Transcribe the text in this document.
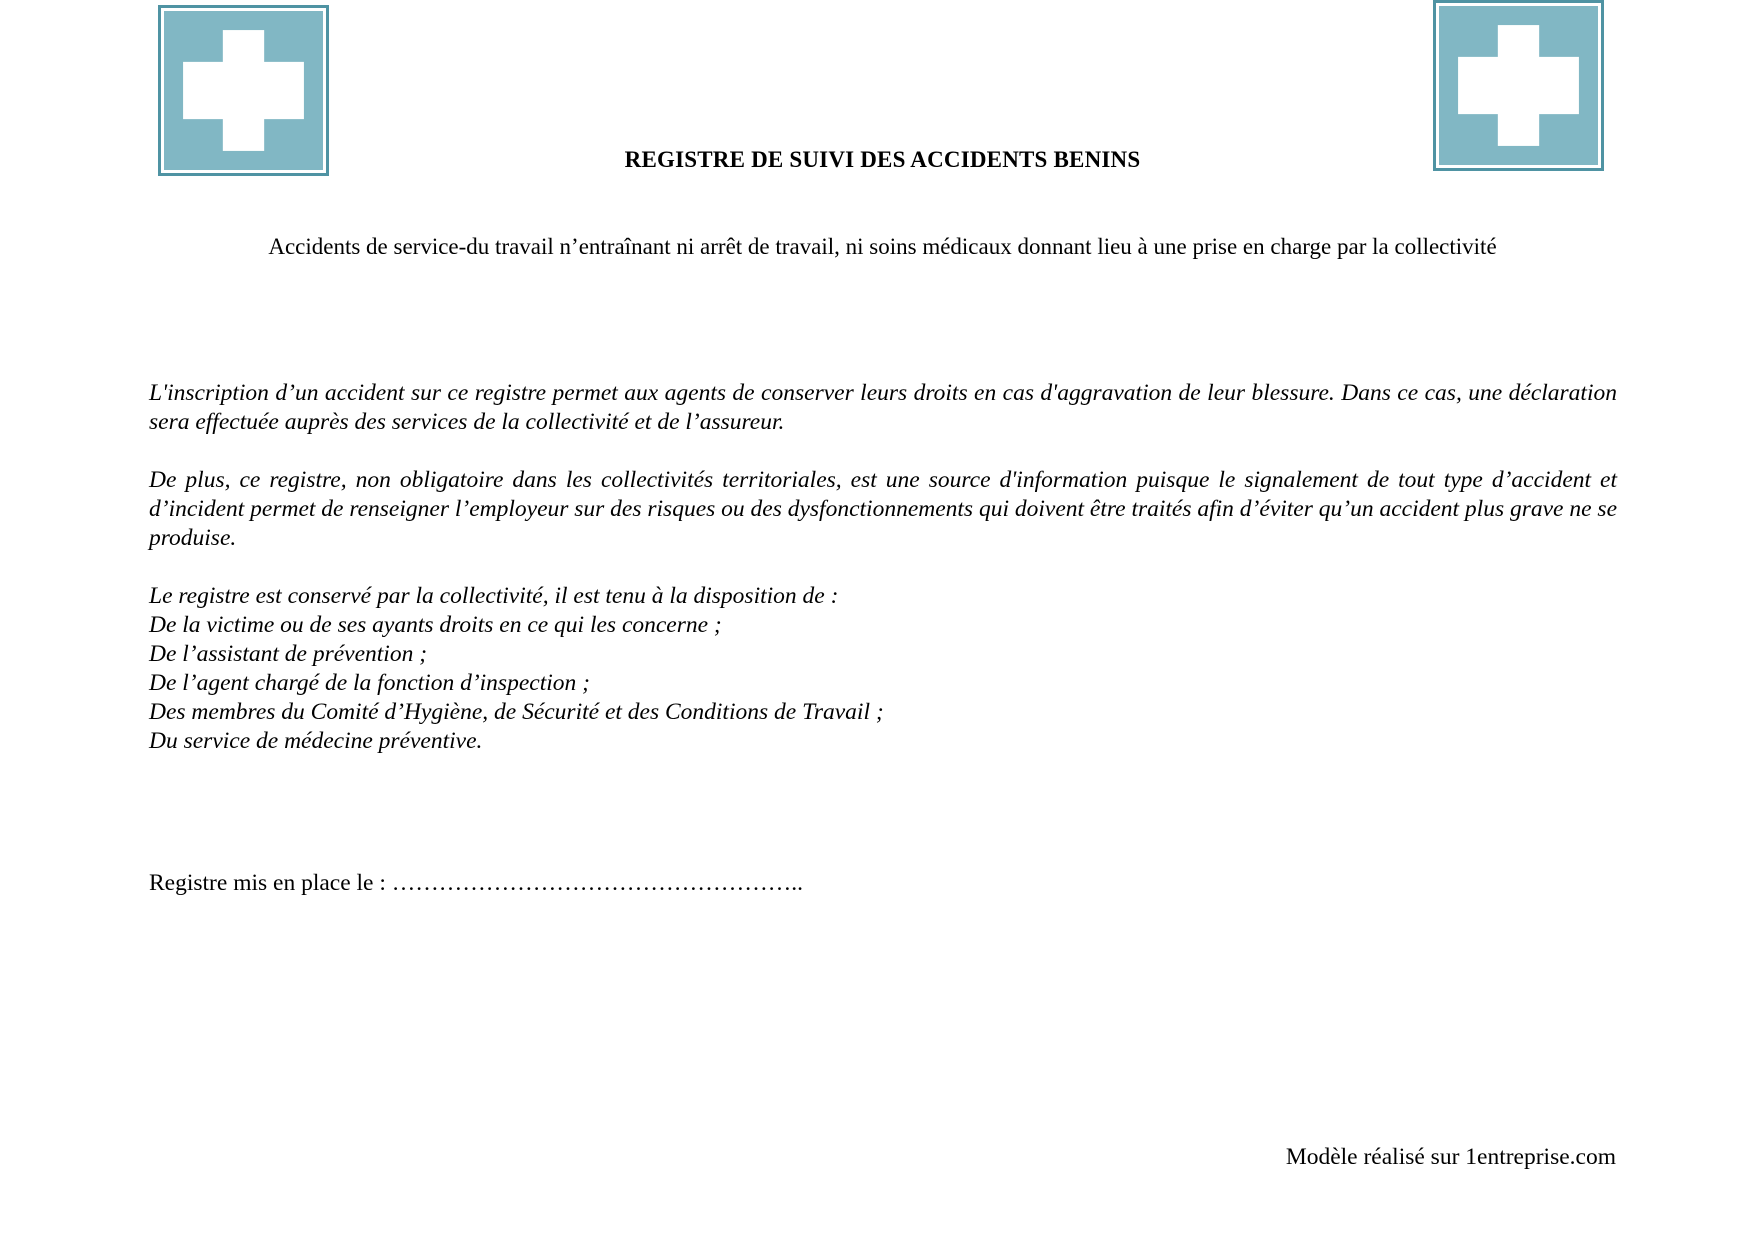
REGISTRE DE SUIVI DES ACCIDENTS BENINS
Accidents de service-du travail n’entraînant ni arrêt de travail, ni soins médicaux donnant lieu à une prise en charge par la collectivité

L'inscription d’un accident sur ce registre permet aux agents de conserver leurs droits en cas d'aggravation de leur blessure. Dans ce cas, une déclaration sera effectuée auprès des services de la collectivité et de l’assureur.

De plus, ce registre, non obligatoire dans les collectivités territoriales, est une source d'information puisque le signalement de tout type d’accident et d’incident permet de renseigner l’employeur sur des risques ou des dysfonctionnements qui doivent être traités afin d’éviter qu’un accident plus grave ne se produise.

Le registre est conservé par la collectivité, il est tenu à la disposition de :
De la victime ou de ses ayants droits en ce qui les concerne ;
De l’assistant de prévention ;
De l’agent chargé de la fonction d’inspection ;
Des membres du Comité d’Hygiène, de Sécurité et des Conditions de Travail ;
Du service de médecine préventive.
Registre mis en place le : ……………………………………………..
Modèle réalisé sur 1entreprise.com
